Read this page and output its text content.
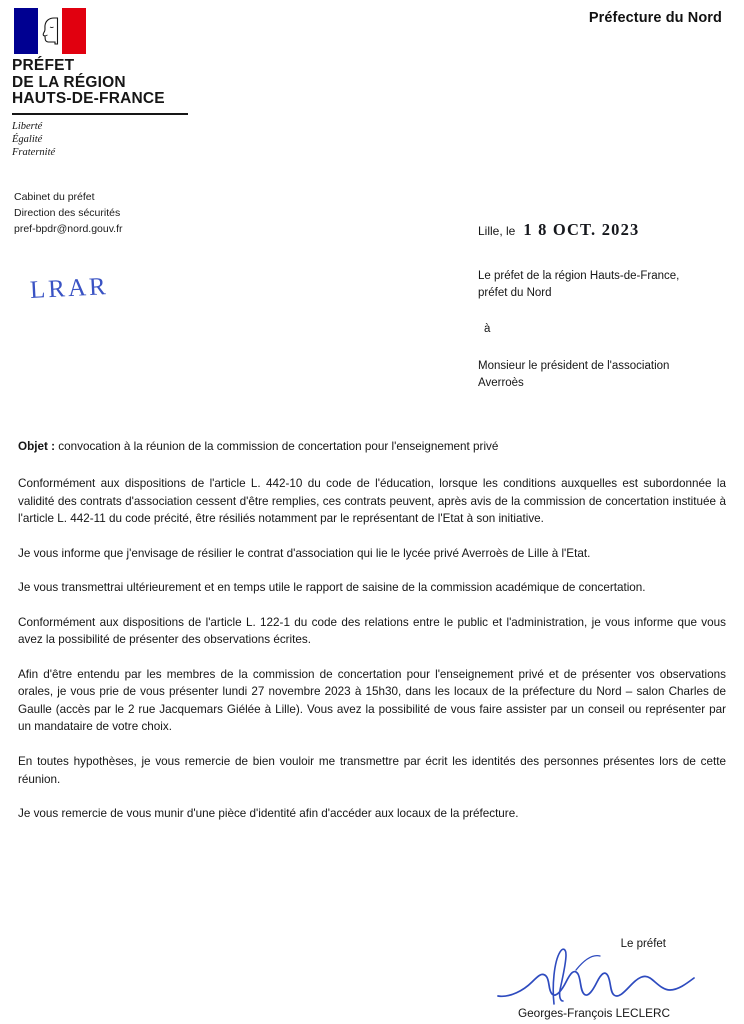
Préfecture du Nord
PRÉFET
DE LA RÉGION
HAUTS-DE-FRANCE
Liberté
Égalité
Fraternité
Cabinet du préfet
Direction des sécurités
pref-bpdr@nord.gouv.fr
LRAR
Lille, le 1 8 OCT. 2023
Le préfet de la région Hauts-de-France,
préfet du Nord
à
Monsieur le président de l'association
Averroès
Objet : convocation à la réunion de la commission de concertation pour l'enseignement privé

Conformément aux dispositions de l'article L. 442-10 du code de l'éducation, lorsque les conditions auxquelles est subordonnée la validité des contrats d'association cessent d'être remplies, ces contrats peuvent, après avis de la commission de concertation instituée à l'article L. 442-11 du code précité, être résiliés notamment par le représentant de l'Etat à son initiative.

Je vous informe que j'envisage de résilier le contrat d'association qui lie le lycée privé Averroès de Lille à l'Etat.

Je vous transmettrai ultérieurement et en temps utile le rapport de saisine de la commission académique de concertation.

Conformément aux dispositions de l'article L. 122-1 du code des relations entre le public et l'administration, je vous informe que vous avez la possibilité de présenter des observations écrites.

Afin d'être entendu par les membres de la commission de concertation pour l'enseignement privé et de présenter vos observations orales, je vous prie de vous présenter lundi 27 novembre 2023 à 15h30, dans les locaux de la préfecture du Nord – salon Charles de Gaulle (accès par le 2 rue Jacquemars Giélée à Lille). Vous avez la possibilité de vous faire assister par un conseil ou représenter par un mandataire de votre choix.

En toutes hypothèses, je vous remercie de bien vouloir me transmettre par écrit les identités des personnes présentes lors de cette réunion.

Je vous remercie de vous munir d'une pièce d'identité afin d'accéder aux locaux de la préfecture.

Le préfet
Georges-François LECLERC
